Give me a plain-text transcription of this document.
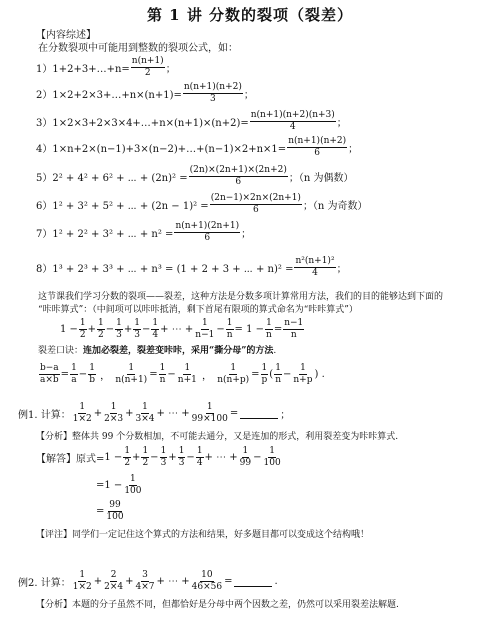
第 1 讲 分数的裂项（裂差）
【内容综述】
在分数裂项中可能用到整数的裂项公式，如：
1）1+2+3+…+n= $\frac{n(n+1)}{2}$ ；
2）1×2+2×3+…+n×(n+1)= $\frac{n(n+1)(n+2)}{3}$ ；
3）1×2×3+2×3×4+…+n×(n+1)×(n+2)= $\frac{n(n+1)(n+2)(n+3)}{4}$ ；
4）1×n+2×(n−1)+3×(n−2)+…+(n−1)×2+n×1= $\frac{n(n+1)(n+2)}{6}$ ；
5）2² + 4² + 6² + ⋯ + $(2n)^2 = \frac{(2n)\times(2n+1)\times(2n+2)}{6}$ ；（n 为偶数）
6）1² + 3² + 5² + ⋯ + $(2n - 1)^2 = \frac{(2n-1)\times 2n\times(2n+1)}{6}$ ；（n 为奇数）
7）1² + 2² + 3² + ⋯ + $n^2 = \frac{n(n+1)(2n+1)}{6}$ ；
8）1³ + 2³ + 3³ + ⋯ + n³ = (1 + 2 + 3 + ⋯ + $n)^2 = \frac{\text{n²(n+1)²}}{4}$ ；
这节课我们学习分数的裂项——裂差，这种方法是分数多项计算常用方法，我们的目的能够达到下面的
“咔咔算式”：（中间项可以咔咔抵消，剩下首尾有限项的算式命名为“咔咔算式”）
$1 - \frac{1}{2} + \frac{1}{2} - \frac{1}{3} + \frac{1}{3} - \frac{1}{4}$ + ⋯ + $\frac{1}{n-1} - \frac{1}{n} = 1 - \frac{1}{n} = \frac{n-1}{n}$
裂差口诀：连加必裂差，裂差变咔咔，采用“撕分母”的方法.
$\frac{b-a}{a\times b} = \frac{1}{a} - \frac{1}{b}$ ， $\frac{1}{n(n+1)} = \frac{1}{n} - \frac{1}{n+1}$ ， $\frac{1}{n(n+p)} = \frac{1}{p}$ ( $\frac{1}{n} - \frac{1}{n+p}$ ) .
例1. 计算： $\frac{1}{1\times 2} + \frac{1}{2\times 3} + \frac{1}{3\times 4}$ + ⋯ + $\frac{1}{99\times 100}$ =	；
【分析】整体共 99 个分数相加，不可能去通分，又是连加的形式，利用裂差变为咔咔算式.
【解答】 原式= $1 - \frac{1}{2} + \frac{1}{2} - \frac{1}{3} + \frac{1}{3} - \frac{1}{4}$ + ⋯ + $\frac{1}{99} - \frac{1}{100}$
= $1 - \frac{1}{100}$
= $\frac{99}{100}$
【评注】同学们一定记住这个算式的方法和结果，好多题目都可以变成这个结构哦！
例2. 计算： $\frac{1}{1\times 2} + \frac{2}{2\times 4} + \frac{3}{4\times 7}$ + ⋯ + $\frac{10}{46\times 56}$ =	.
【分析】本题的分子虽然不同，但都恰好是分母中两个因数之差，仍然可以采用裂差法解题.
